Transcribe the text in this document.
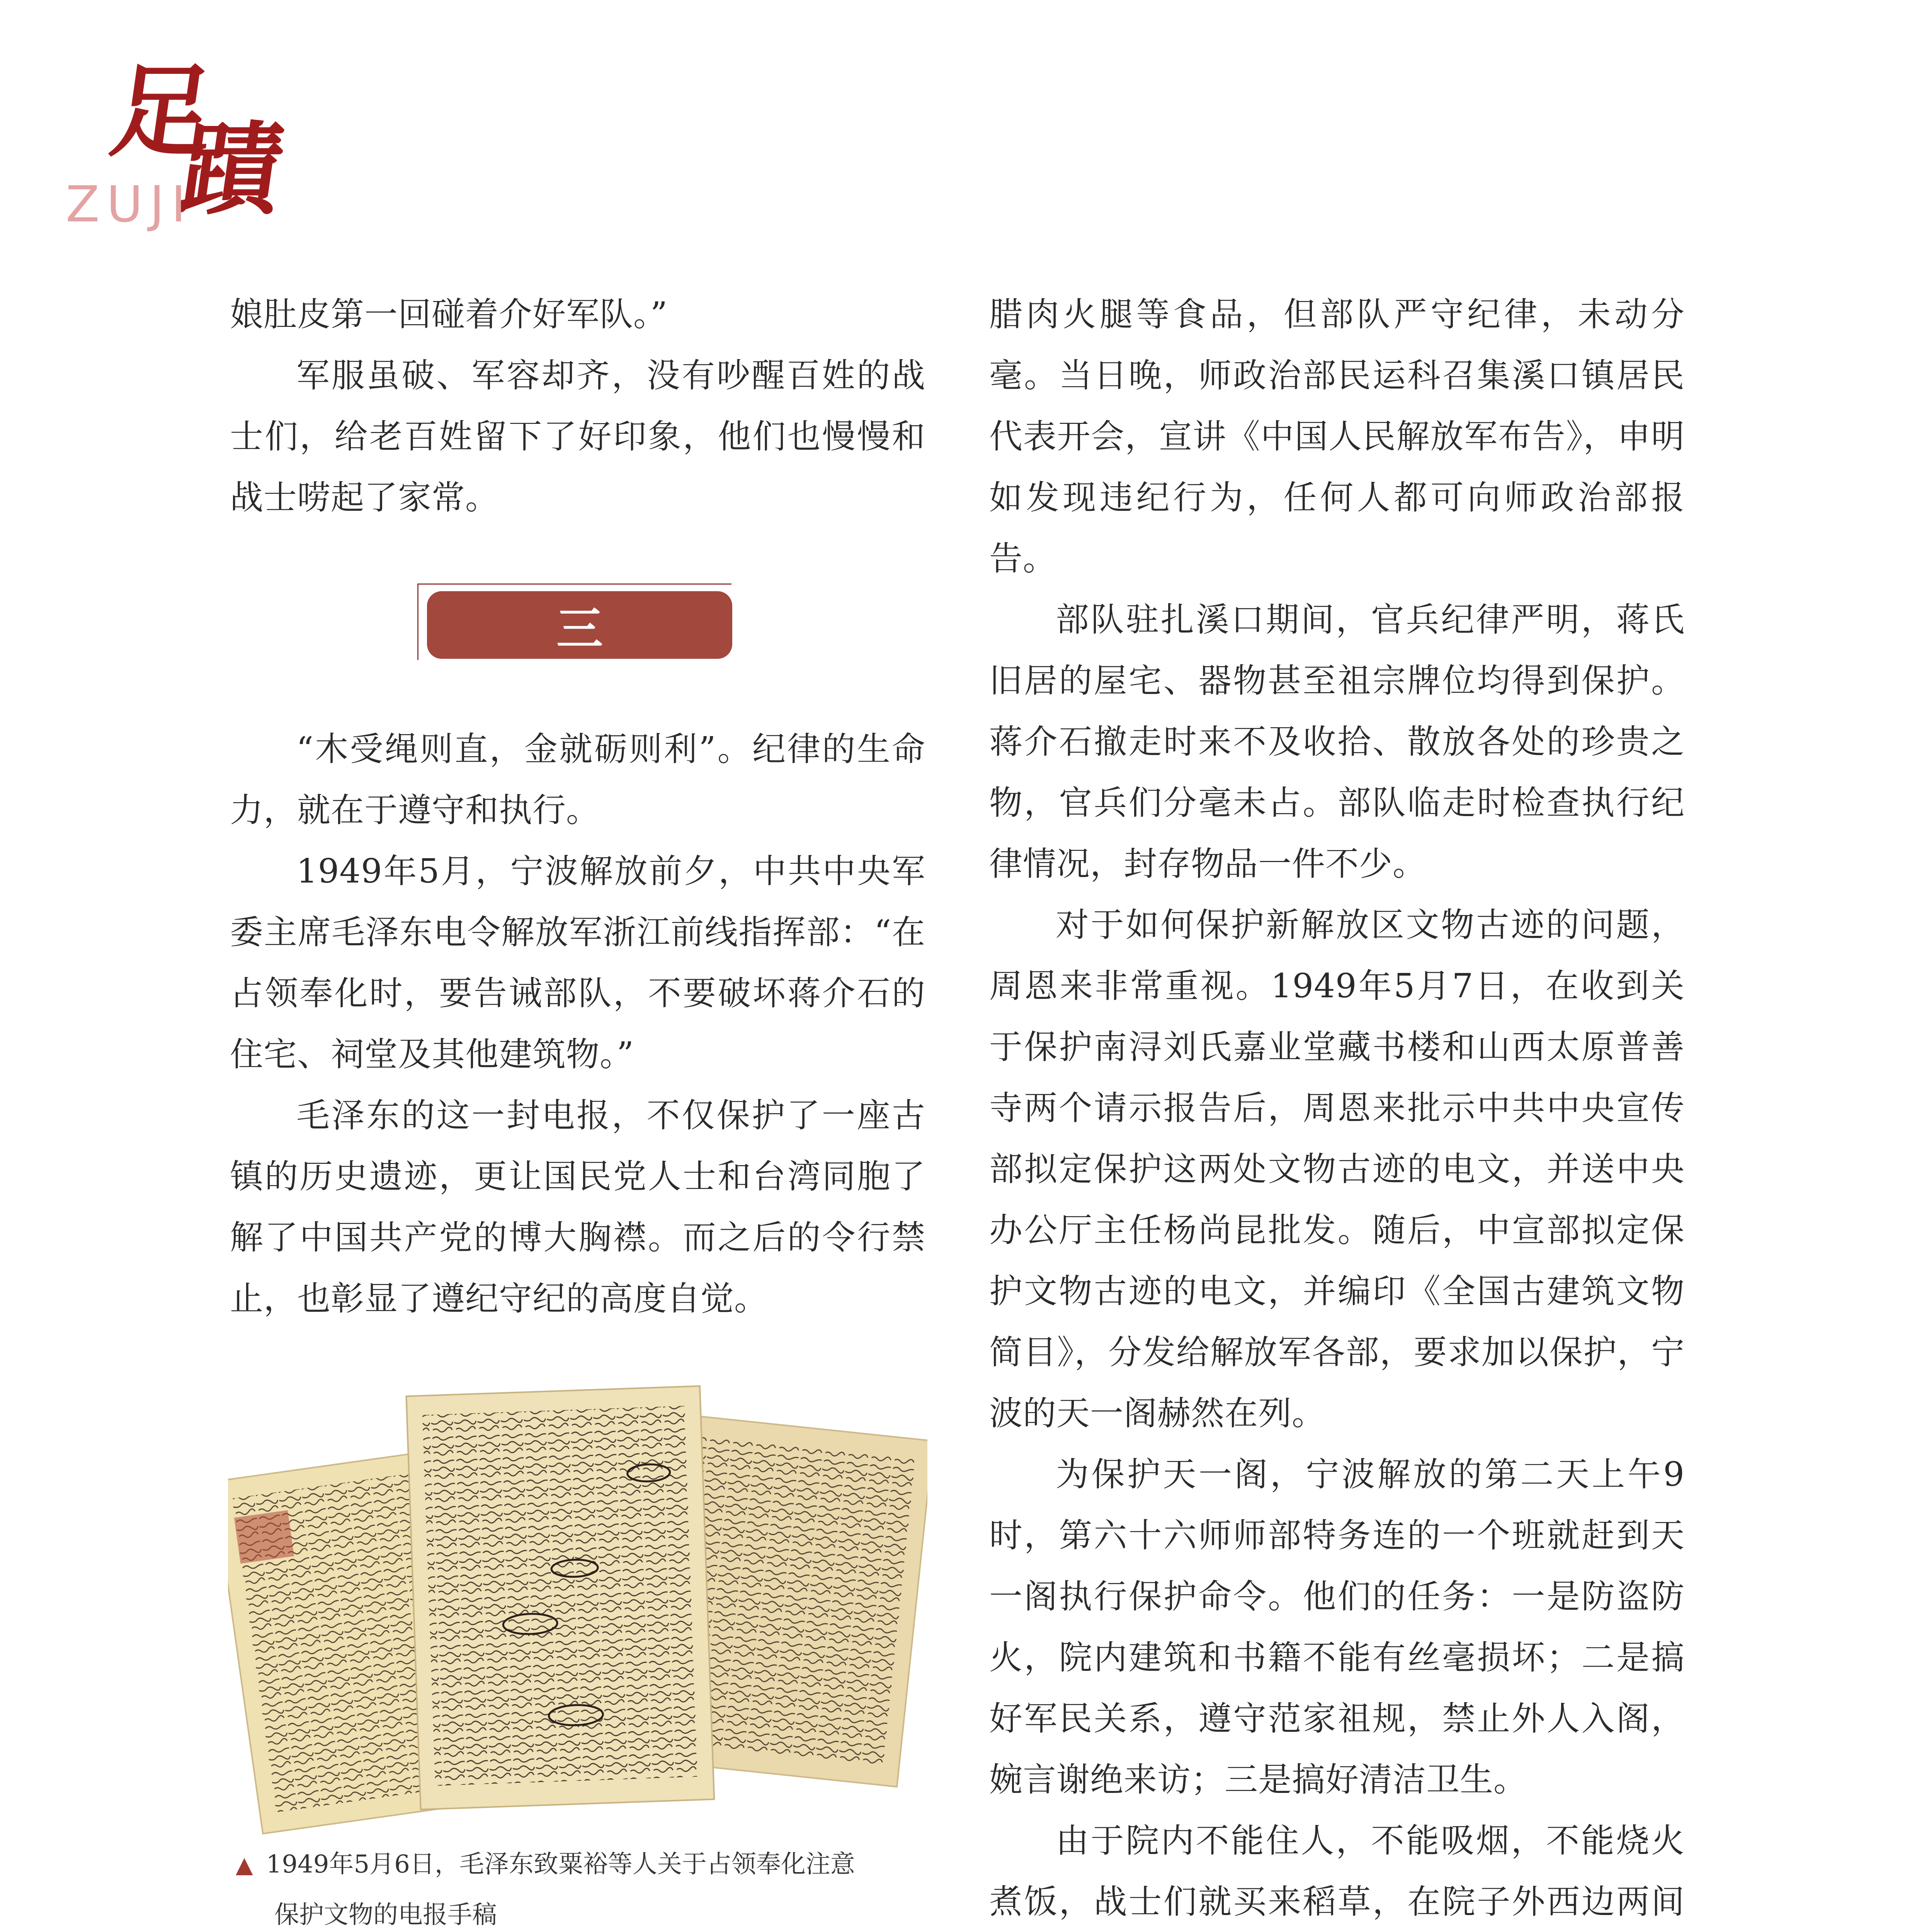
足
蹟
ZUJI

娘肚皮第一回碰着介好军队。”

军服虽破、军容却齐，没有吵醒百姓的战士们，给老百姓留下了好印象，他们也慢慢和战士唠起了家常。

三

“木受绳则直，金就砺则利”。纪律的生命力，就在于遵守和执行。

1949年5月，宁波解放前夕，中共中央军委主席毛泽东电令解放军浙江前线指挥部：“在占领奉化时，要告诫部队，不要破坏蒋介石的住宅、祠堂及其他建筑物。”

毛泽东的这一封电报，不仅保护了一座古镇的历史遗迹，更让国民党人士和台湾同胞了解了中国共产党的博大胸襟。而之后的令行禁止，也彰显了遵纪守纪的高度自觉。

▲ 1949年5月6日，毛泽东致粟裕等人关于占领奉化注意
保护文物的电报手稿

腊肉火腿等食品，但部队严守纪律，未动分毫。当日晚，师政治部民运科召集溪口镇居民代表开会，宣讲《中国人民解放军布告》，申明如发现违纪行为，任何人都可向师政治部报告。

部队驻扎溪口期间，官兵纪律严明，蒋氏旧居的屋宅、器物甚至祖宗牌位均得到保护。蒋介石撤走时来不及收拾、散放各处的珍贵之物，官兵们分毫未占。部队临走时检查执行纪律情况，封存物品一件不少。

对于如何保护新解放区文物古迹的问题，周恩来非常重视。1949年5月7日，在收到关于保护南浔刘氏嘉业堂藏书楼和山西太原普善寺两个请示报告后，周恩来批示中共中央宣传部拟定保护这两处文物古迹的电文，并送中央办公厅主任杨尚昆批发。随后，中宣部拟定保护文物古迹的电文，并编印《全国古建筑文物简目》，分发给解放军各部，要求加以保护，宁波的天一阁赫然在列。

为保护天一阁，宁波解放的第二天上午9时，第六十六师师部特务连的一个班就赶到天一阁执行保护命令。他们的任务：一是防盗防火，院内建筑和书籍不能有丝毫损坏；二是搞好军民关系，遵守范家祖规，禁止外人入阁，婉言谢绝来访；三是搞好清洁卫生。

由于院内不能住人，不能吸烟，不能烧火煮饭，战士们就买来稻草，在院子外西边两间
